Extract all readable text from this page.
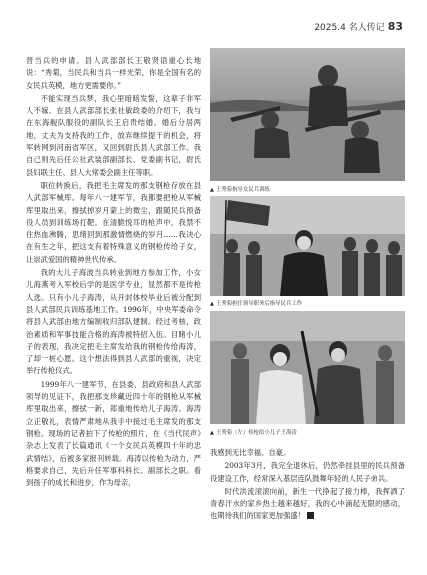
2025.4 名人传记 83

晋当兵的申请。县人武部部长王敬贤语重心长地说：“秀菊，当民兵和当兵一样光荣，你是全国有名的女民兵英模，地方更需要你。”

不能实现当兵梦，我心里暗暗发誓，这辈子非军人不嫁。在县人武部部长张社敏政委的介绍下，我与在东海舰队服役的副队长王启贵结婚。婚后分居两地，丈夫为支持我的工作，放弃继续提干的机会，将军转网到河南省军区，又回到尉氏县人武部工作。我自己则先后任公社武装部副部长、党委副书记，尉氏县妇联主任、县人大常委会副主任等职。

职位转换后，我把毛主席发的那支钢枪存放在县人武部军械库。每年八一建军节，我都要把枪从军械库里取出来，擦拭掉岁月蒙上的微尘，跟随民兵预备役人员到训练场打靶。在清脆悦耳的枪声中，我禁不住热血沸腾，思绪回到那激情燃烧的岁月……我决心在有生之年，把这支有着特殊意义的钢枪传给子女，让崇武爱国的精神世代传承。

我的大儿子海波当兵转业到地方参加工作，小女儿海燕考入军校后学的是医学专业，显然都不是传枪人选。只有小儿子海涛，从开封体校毕业后被分配到县人武部民兵训练基地工作。1996年，中央军委命令将县人武部由地方编制收归部队建制。经过考核，政治素质和军事技能合格的海涛被特招入伍。目睹小儿子的表现，我决定把毛主席发给我的钢枪传给海涛，了却一桩心愿。这个想法得到县人武部的重视，决定举行传枪仪式。

1999年八一建军节，在县委、县政府和县人武部领导的见证下，我把那支珍藏近四十年的钢枪从军械库里取出来，擦拭一新，郑重地传给儿子海涛。海涛立正敬礼，表情严肃地从我手中接过毛主席发的那支钢枪。现场的记者拍下了传枪的照片，在《当代民声》杂志上发表了长篇通讯《一个女民兵英模四十年的忠武情结》，后被多家报刊转载。海涛以传枪为动力，严格要求自己，先后升任军事科科长、副部长之职。看到孩子的成长和进步，作为母亲，

▲ 王秀菊指导女民兵训练
▲ 王秀菊担任领导职务后指导民兵工作
▲ 王秀菊（左）传枪给小儿子王海涛

我感到无比幸福、自豪。

2003年3月，我完全退休后，仍然牵挂县里的民兵预备役建设工作，经常深入基层连队鼓舞年轻的人民子弟兵。

时代洪流滚滚向前，新生一代挣起了接力棒，我挥洒了青春汗水的家乡热土越来越好，我的心中涌起无限的感动，也期待我们的国家更加强盛！
